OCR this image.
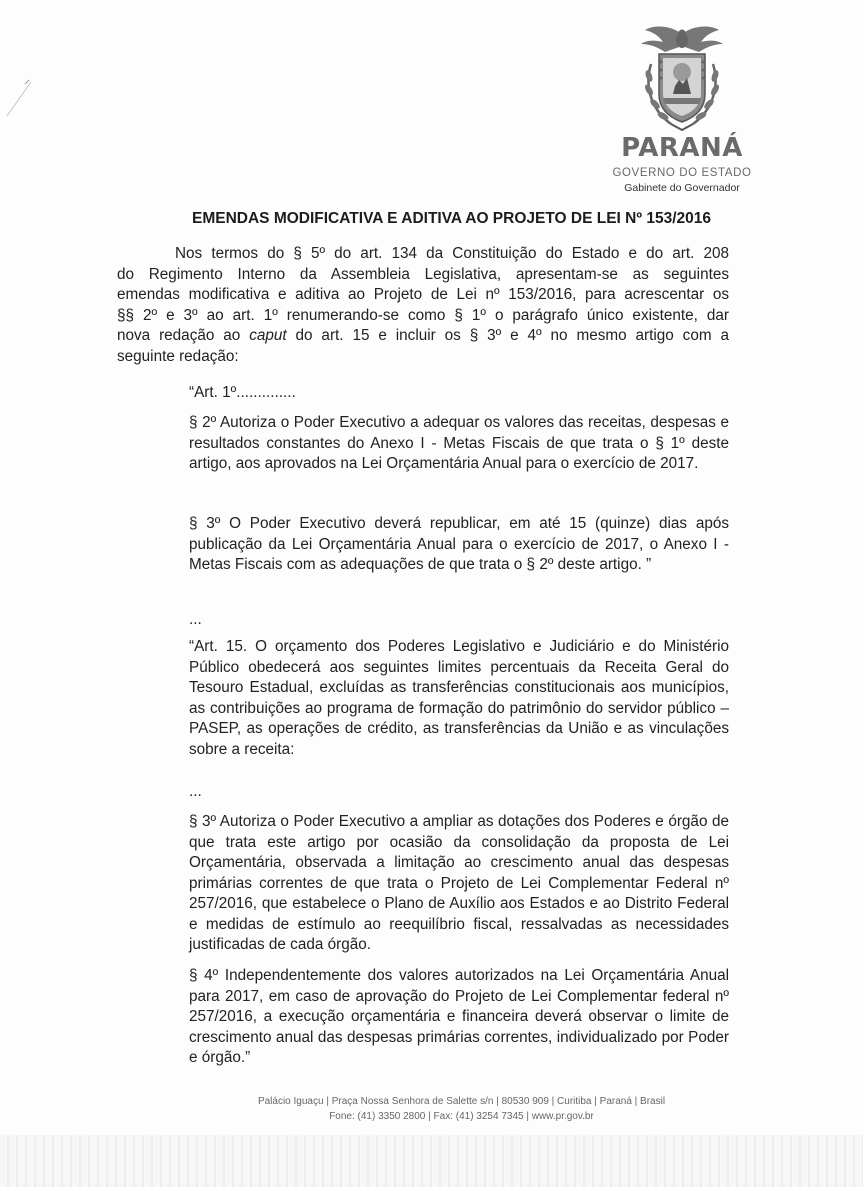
PARANÁ
GOVERNO DO ESTADO
Gabinete do Governador
EMENDAS MODIFICATIVA E ADITIVA AO PROJETO DE LEI Nº 153/2016

Nos termos do § 5º do art. 134 da Constituição do Estado e do art. 208

do Regimento Interno da Assembleia Legislativa, apresentam-se as seguintes

emendas modificativa e aditiva ao Projeto de Lei nº 153/2016, para acrescentar os

§§ 2º e 3º ao art. 1º renumerando-se como § 1º o parágrafo único existente, dar

nova redação ao caput do art. 15 e incluir os § 3º e 4º no mesmo artigo com a

seguinte redação:

“Art. 1º..............
§ 2º Autoriza o Poder Executivo a adequar os valores das receitas, despesas e resultados constantes do Anexo I - Metas Fiscais de que trata o § 1º deste artigo, aos aprovados na Lei Orçamentária Anual para o exercício de 2017.
§ 3º O Poder Executivo deverá republicar, em até 15 (quinze) dias após publicação da Lei Orçamentária Anual para o exercício de 2017, o Anexo I - Metas Fiscais com as adequações de que trata o § 2º deste artigo. ”
...
“Art. 15. O orçamento dos Poderes Legislativo e Judiciário e do Ministério Público obedecerá aos seguintes limites percentuais da Receita Geral do Tesouro Estadual, excluídas as transferências constitucionais aos municípios, as contribuições ao programa de formação do patrimônio do servidor público – PASEP, as operações de crédito, as transferências da União e as vinculações sobre a receita:
...
§ 3º Autoriza o Poder Executivo a ampliar as dotações dos Poderes e órgão de que trata este artigo por ocasião da consolidação da proposta de Lei Orçamentária, observada a limitação ao crescimento anual das despesas primárias correntes de que trata o Projeto de Lei Complementar Federal nº 257/2016, que estabelece o Plano de Auxílio aos Estados e ao Distrito Federal e medidas de estímulo ao reequilíbrio fiscal, ressalvadas as necessidades justificadas de cada órgão.
§ 4º Independentemente dos valores autorizados na Lei Orçamentária Anual para 2017, em caso de aprovação do Projeto de Lei Complementar federal nº 257/2016, a execução orçamentária e financeira deverá observar o limite de crescimento anual das despesas primárias correntes, individualizado por Poder e órgão.”
Palácio Iguaçu | Praça Nossa Senhora de Salette s/n | 80530 909 | Curitiba | Paraná | Brasil
Fone: (41) 3350 2800 | Fax: (41) 3254 7345 | www.pr.gov.br
